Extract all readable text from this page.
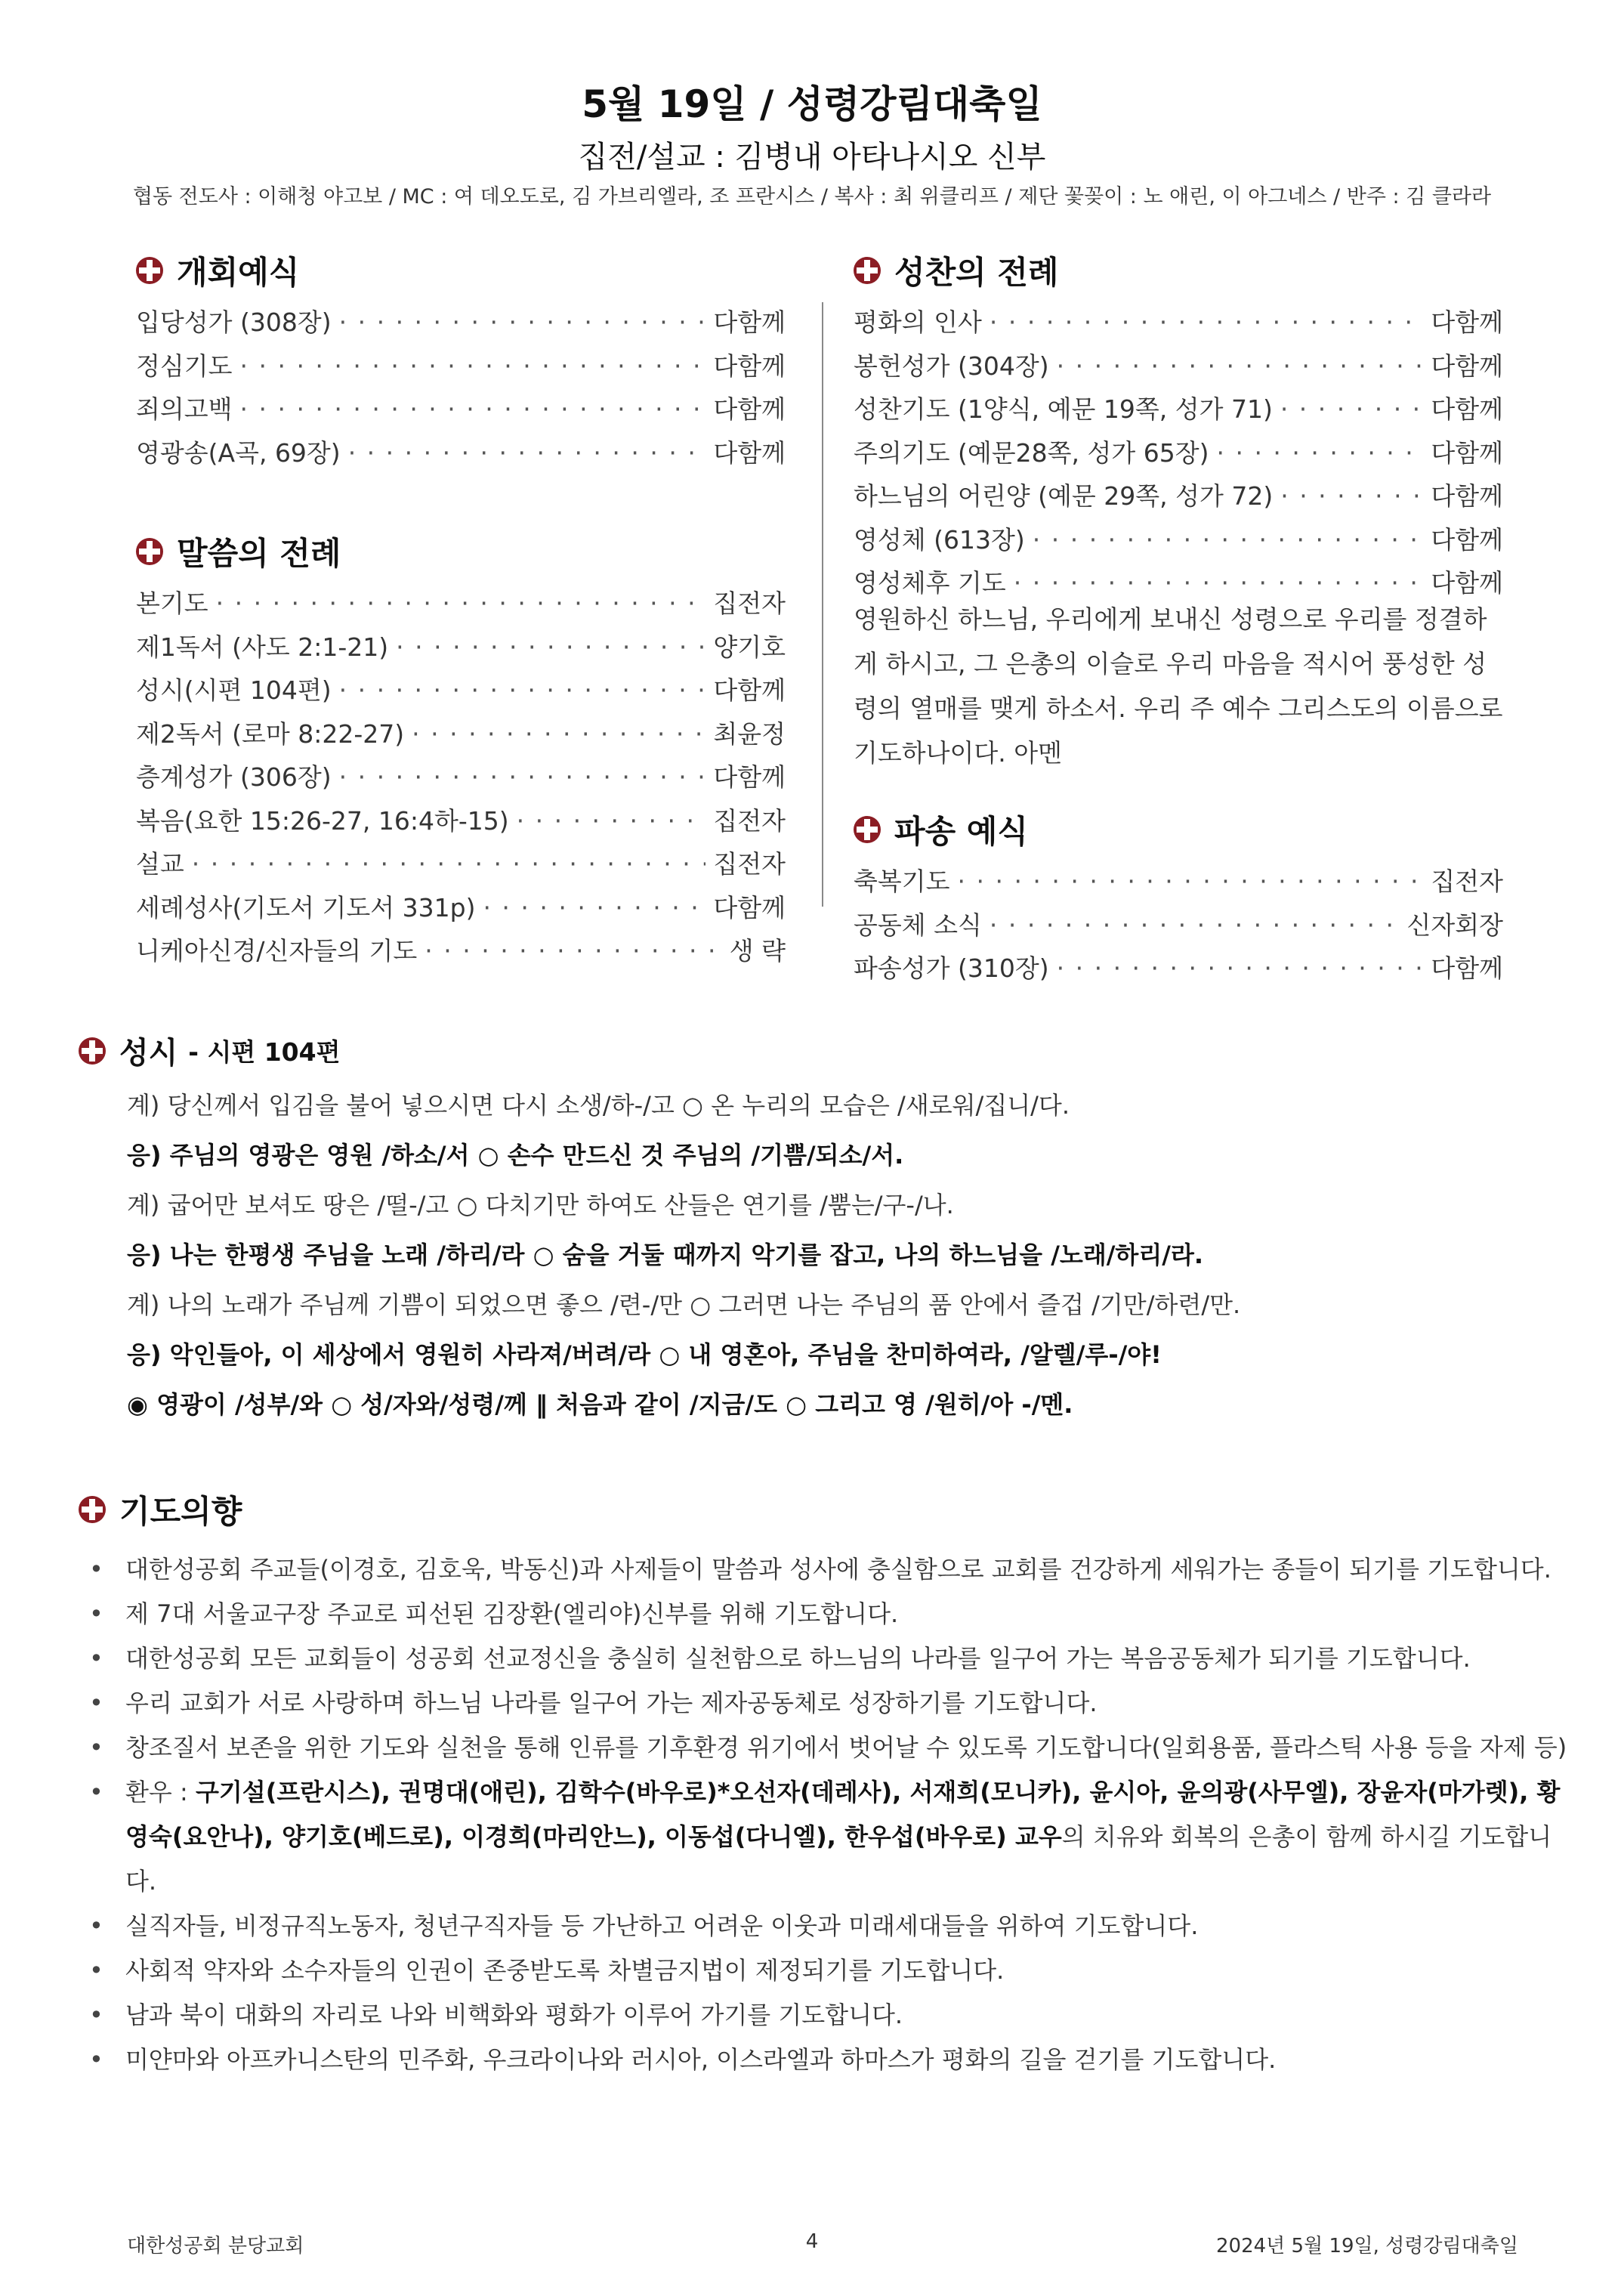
5월 19일 / 성령강림대축일
집전/설교 : 김병내 아타나시오 신부
협동 전도사 : 이해청 야고보 / MC : 여 데오도로, 김 가브리엘라, 조 프란시스 / 복사 : 최 위클리프 / 제단 꽃꽂이 : 노 애린, 이 아그네스 / 반주 : 김 클라라
개회예식
입당성가 (308장) · · ·	다함께
정심기도 · · ·	다함께
죄의고백 · · ·	다함께
영광송(A곡, 69장) · · ·	다함께
말씀의 전례
본기도 · · ·	집전자
제1독서 (사도 2:1-21) · · ·	양기호
성시(시편 104편) · · ·	다함께
제2독서 (로마 8:22-27) · · ·	최윤정
층계성가 (306장) · · ·	다함께
복음(요한 15:26-27, 16:4하-15) · · ·	집전자
설교 · · ·	집전자
세례성사(기도서 기도서 331p) · · ·	다함께
니케아신경/신자들의 기도 · · ·	생 략
성찬의 전례
평화의 인사 · · ·	다함께
봉헌성가 (304장) · · ·	다함께
성찬기도 (1양식, 예문 19쪽, 성가 71) · · ·	다함께
주의기도 (예문28쪽, 성가 65장) · · ·	다함께
하느님의 어린양 (예문 29쪽, 성가 72) · · ·	다함께
영성체 (613장) · · ·	다함께
영성체후 기도 · · ·	다함께
영원하신 하느님, 우리에게 보내신 성령으로 우리를 정결하게 하시고, 그 은총의 이슬로 우리 마음을 적시어 풍성한 성령의 열매를 맺게 하소서. 우리 주 예수 그리스도의 이름으로 기도하나이다. 아멘
파송 예식
축복기도 · · ·	집전자
공동체 소식 · · ·	신자회장
파송성가 (310장) · · ·	다함께
성시 - 시편 104편
계) 당신께서 입김을 불어 넣으시면 다시 소생/하-/고 ○ 온 누리의 모습은 /새로워/집니/다.
응) 주님의 영광은 영원 /하소/서 ○ 손수 만드신 것 주님의 /기쁨/되소/서.
계) 굽어만 보셔도 땅은 /떨-/고 ○ 다치기만 하여도 산들은 연기를 /뿜는/구-/나.
응) 나는 한평생 주님을 노래 /하리/라 ○ 숨을 거둘 때까지 악기를 잡고, 나의 하느님을 /노래/하리/라.
계) 나의 노래가 주님께 기쁨이 되었으면 좋으 /련-/만 ○ 그러면 나는 주님의 품 안에서 즐겁 /기만/하련/만.
응) 악인들아, 이 세상에서 영원히 사라져/버려/라 ○ 내 영혼아, 주님을 찬미하여라, /알렐/루-/야!
◉ 영광이 /성부/와 ○ 성/자와/성령/께 ‖ 처음과 같이 /지금/도 ○ 그리고 영 /원히/아 -/멘.
기도의향
• 대한성공회 주교들(이경호, 김호욱, 박동신)과 사제들이 말씀과 성사에 충실함으로 교회를 건강하게 세워가는 종들이 되기를 기도합니다.
• 제 7대 서울교구장 주교로 피선된 김장환(엘리야)신부를 위해 기도합니다.
• 대한성공회 모든 교회들이 성공회 선교정신을 충실히 실천함으로 하느님의 나라를 일구어 가는 복음공동체가 되기를 기도합니다.
• 우리 교회가 서로 사랑하며 하느님 나라를 일구어 가는 제자공동체로 성장하기를 기도합니다.
• 창조질서 보존을 위한 기도와 실천을 통해 인류를 기후환경 위기에서 벗어날 수 있도록 기도합니다(일회용품, 플라스틱 사용 등을 자제 등)
• 환우 : 구기설(프란시스), 권명대(애린), 김학수(바우로)*오선자(데레사), 서재희(모니카), 윤시아, 윤의광(사무엘), 장윤자(마가렛), 황영숙(요안나), 양기호(베드로), 이경희(마리안느), 이동섭(다니엘), 한우섭(바우로) 교우의 치유와 회복의 은총이 함께 하시길 기도합니다.
• 실직자들, 비정규직노동자, 청년구직자들 등 가난하고 어려운 이웃과 미래세대들을 위하여 기도합니다.
• 사회적 약자와 소수자들의 인권이 존중받도록 차별금지법이 제정되기를 기도합니다.
• 남과 북이 대화의 자리로 나와 비핵화와 평화가 이루어 가기를 기도합니다.
• 미얀마와 아프카니스탄의 민주화, 우크라이나와 러시아, 이스라엘과 하마스가 평화의 길을 걷기를 기도합니다.
대한성공회 분당교회	4	2024년 5월 19일, 성령강림대축일
